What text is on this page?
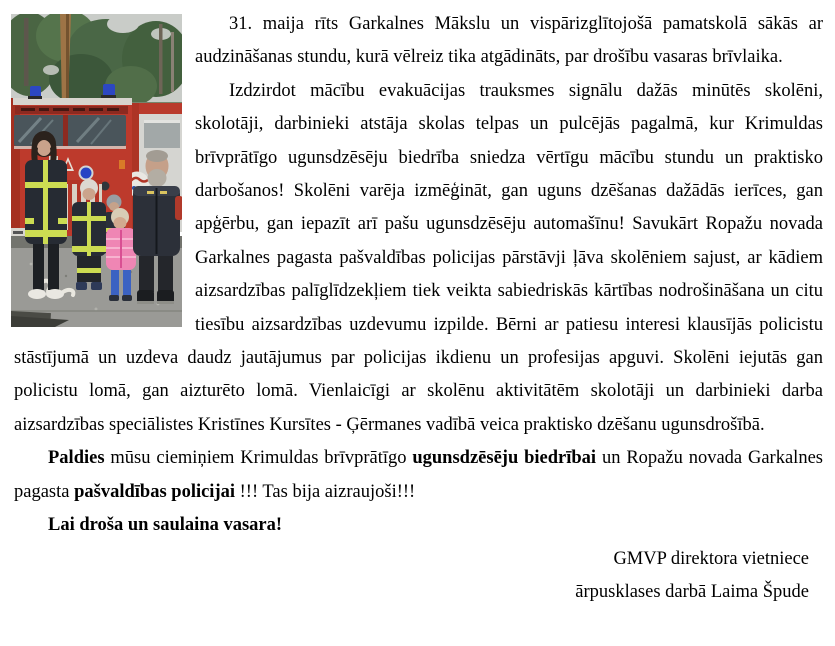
31. maija rīts Garkalnes Mākslu un vispārizglītojošā pamatskolā sākās ar audzināšanas stundu, kurā vēlreiz tika atgādināts, par drošību vasaras brīvlaika.

Izdzirdot mācību evakuācijas trauksmes signālu dažās minūtēs skolēni, skolotāji, darbinieki atstāja skolas telpas un pulcējās pagalmā, kur Krimuldas brīvprātīgo ugunsdzēsēju biedrība sniedza vērtīgu mācību stundu un praktisko darbošanos! Skolēni varēja izmēģināt, gan uguns dzēšanas dažādās ierīces, gan apģērbu, gan iepazīt arī pašu ugunsdzēsēju automašīnu! Savukārt Ropažu novada Garkalnes pagasta pašvaldības policijas pārstāvji ļāva skolēniem sajust, ar kādiem aizsardzības palīglīdzekļiem tiek veikta sabiedriskās kārtības nodrošināšana un citu tiesību aizsardzības uzdevumu izpilde. Bērni ar patiesu interesi klausījās policistu stāstījumā un uzdeva daudz jautājumus par policijas ikdienu un profesijas apguvi. Skolēni iejutās gan policistu lomā, gan aizturēto lomā. Vienlaicīgi ar skolēnu aktivitātēm skolotāji un darbinieki darba aizsardzības speciālistes Kristīnes Kursītes - Ģērmanes vadībā veica praktisko dzēšanu ugunsdrošībā.

Paldies mūsu ciemiņiem Krimuldas brīvprātīgo ugunsdzēsēju biedrībai un Ropažu novada Garkalnes pagasta pašvaldības policijai !!! Tas bija aizraujoši!!!

Lai droša un saulaina vasara!

GMVP direktora vietniece

ārpusklases darbā Laima Špude
